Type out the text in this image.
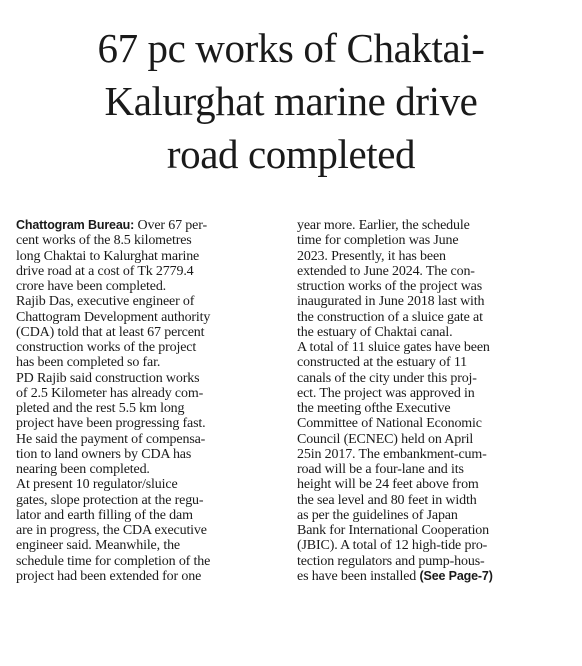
67 pc works of Chaktai-
Kalurghat marine drive
road completed
Chattogram Bureau: Over 67 per-
cent works of the 8.5 kilometres
long Chaktai to Kalurghat marine
drive road at a cost of Tk 2779.4
crore have been completed.
Rajib Das, executive engineer of
Chattogram Development authority
(CDA) told that at least 67 percent
construction works of the project
has been completed so far.
PD Rajib said construction works
of 2.5 Kilometer has already com-
pleted and the rest 5.5 km long
project have been progressing fast.
He said the payment of compensa-
tion to land owners by CDA has
nearing been completed.
At present 10 regulator/sluice
gates, slope protection at the regu-
lator and earth filling of the dam
are in progress, the CDA executive
engineer said. Meanwhile, the
schedule time for completion of the
project had been extended for one
year more. Earlier, the schedule
time for completion was June
2023. Presently, it has been
extended to June 2024. The con-
struction works of the project was
inaugurated in June 2018 last with
the construction of a sluice gate at
the estuary of Chaktai canal.
A total of 11 sluice gates have been
constructed at the estuary of 11
canals of the city under this proj-
ect. The project was approved in
the meeting ofthe Executive
Committee of National Economic
Council (ECNEC) held on April
25in 2017. The embankment-cum-
road will be a four-lane and its
height will be 24 feet above from
the sea level and 80 feet in width
as per the guidelines of Japan
Bank for International Cooperation
(JBIC). A total of 12 high-tide pro-
tection regulators and pump-hous-
es have been installed (See Page-7)
